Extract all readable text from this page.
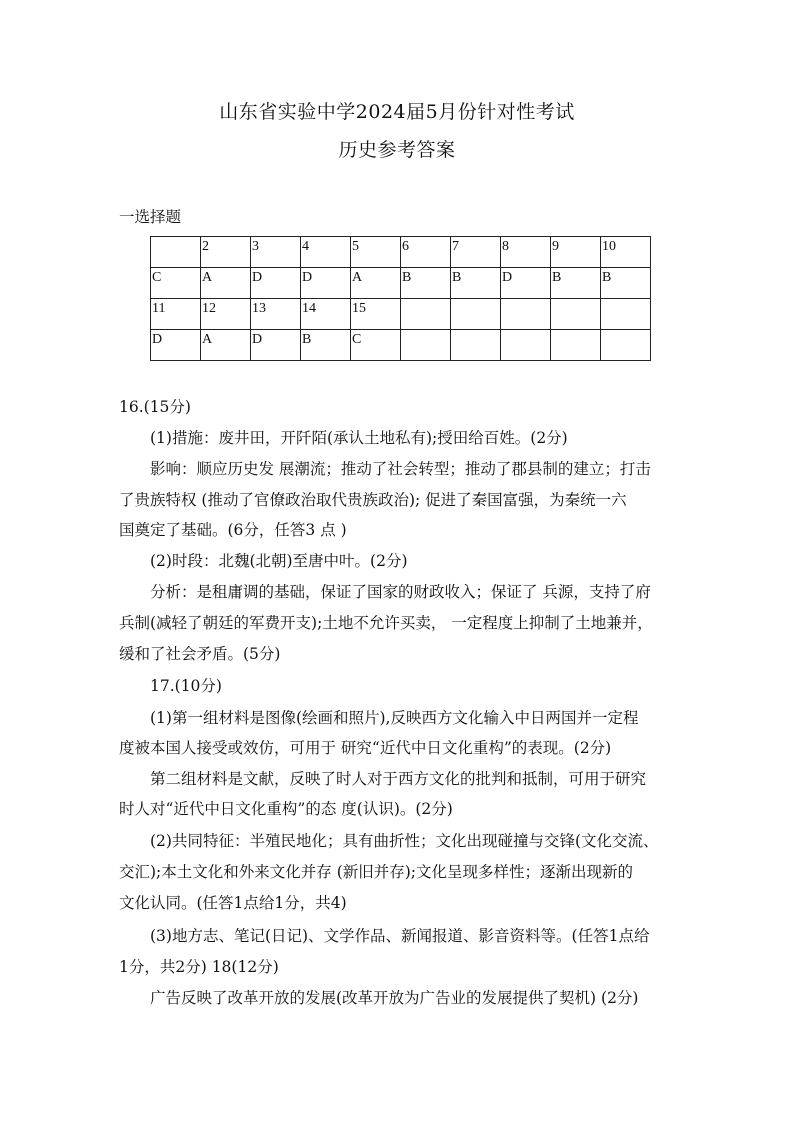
山东省实验中学2024届5月份针对性考试
历史参考答案
一选择题
	2	3	4	5	6	7	8	9	10
C	A	D	D	A	B	B	D	B	B
11	12	13	14	15					
D	A	D	B	C					
16.(15分)
(1)措施：废井田，开阡陌(承认土地私有);授田给百姓。(2分)
影响：顺应历史发 展潮流；推动了社会转型；推动了郡县制的建立；打击
了贵族特权 (推动了官僚政治取代贵族政治); 促进了秦国富强，为秦统一六
国奠定了基础。(6分，任答3 点 )
(2)时段：北魏(北朝)至唐中叶。(2分)
分析：是租庸调的基础，保证了国家的财政收入；保证了 兵源，支持了府
兵制(减轻了朝廷的军费开支);土地不允许买卖， 一定程度上抑制了土地兼并，
缓和了社会矛盾。(5分)
17.(10分)
(1)第一组材料是图像(绘画和照片),反映西方文化输入中日两国并一定程
度被本国人接受或效仿，可用于 研究“近代中日文化重构”的表现。(2分)
第二组材料是文献，反映了时人对于西方文化的批判和抵制，可用于研究
时人对“近代中日文化重构”的态 度(认识)。(2分)
(2)共同特征：半殖民地化；具有曲折性；文化出现碰撞与交锋(文化交流、
交汇);本土文化和外来文化并存 (新旧并存);文化呈现多样性；逐渐出现新的
文化认同。(任答1点给1分，共4)
(3)地方志、笔记(日记)、文学作品、新闻报道、影音资料等。(任答1点给
1分，共2分) 18(12分)
广告反映了改革开放的发展(改革开放为广告业的发展提供了契机) (2分)
